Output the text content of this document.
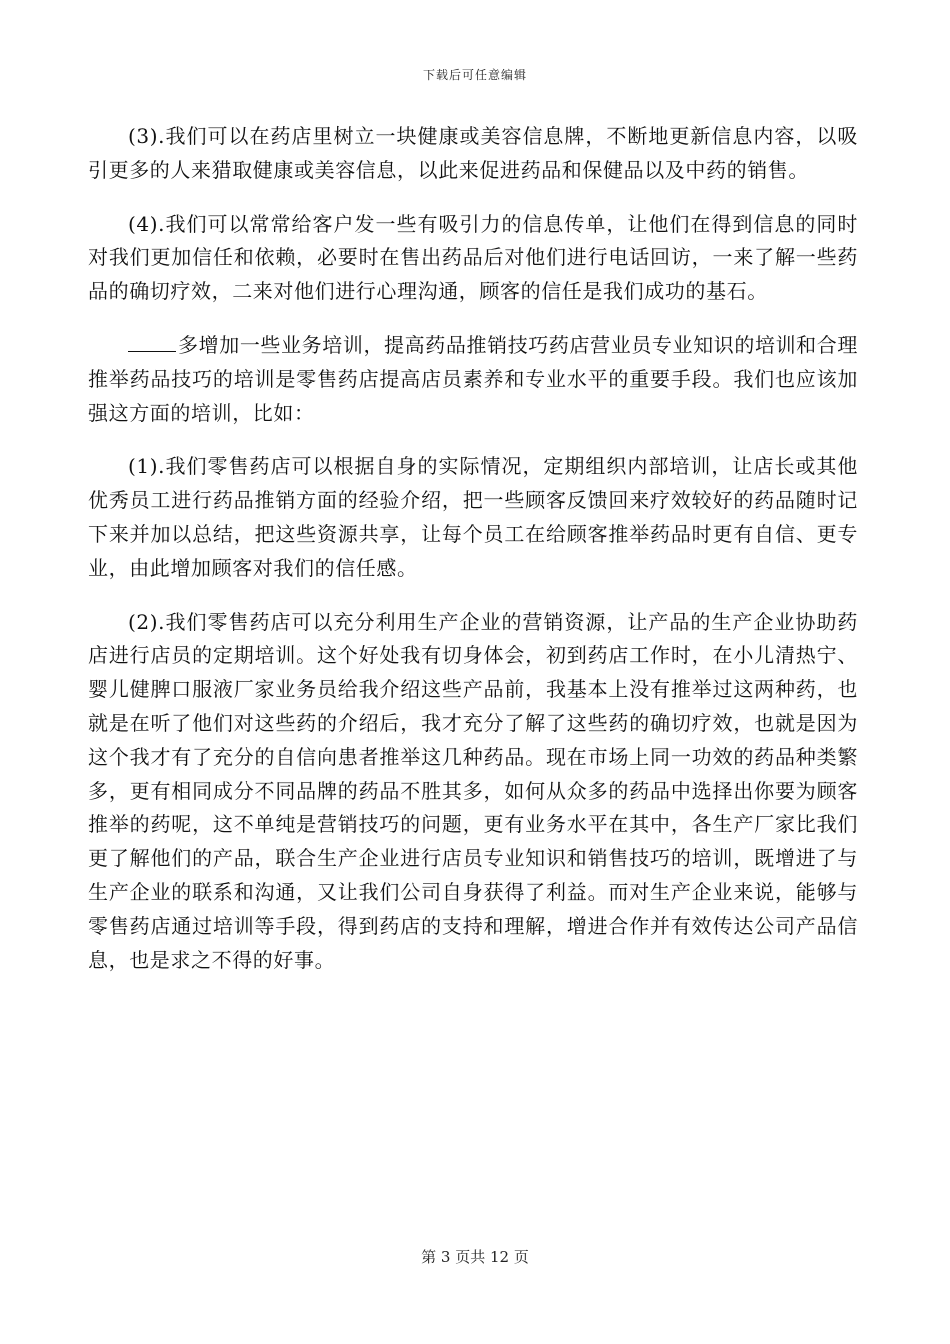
下载后可任意编辑

(3).我们可以在药店里树立一块健康或美容信息牌，不断地更新信息内容，以吸引更多的人来猎取健康或美容信息，以此来促进药品和保健品以及中药的销售。

(4).我们可以常常给客户发一些有吸引力的信息传单，让他们在得到信息的同时对我们更加信任和依赖，必要时在售出药品后对他们进行电话回访，一来了解一些药品的确切疗效，二来对他们进行心理沟通，顾客的信任是我们成功的基石。

多增加一些业务培训，提高药品推销技巧药店营业员专业知识的培训和合理推举药品技巧的培训是零售药店提高店员素养和专业水平的重要手段。我们也应该加强这方面的培训，比如：

(1).我们零售药店可以根据自身的实际情况，定期组织内部培训，让店长或其他优秀员工进行药品推销方面的经验介绍，把一些顾客反馈回来疗效较好的药品随时记下来并加以总结，把这些资源共享，让每个员工在给顾客推举药品时更有自信、更专业，由此增加顾客对我们的信任感。

(2).我们零售药店可以充分利用生产企业的营销资源，让产品的生产企业协助药店进行店员的定期培训。这个好处我有切身体会，初到药店工作时，在小儿清热宁、婴儿健脾口服液厂家业务员给我介绍这些产品前，我基本上没有推举过这两种药，也就是在听了他们对这些药的介绍后，我才充分了解了这些药的确切疗效，也就是因为这个我才有了充分的自信向患者推举这几种药品。现在市场上同一功效的药品种类繁多，更有相同成分不同品牌的药品不胜其多，如何从众多的药品中选择出你要为顾客推举的药呢，这不单纯是营销技巧的问题，更有业务水平在其中，各生产厂家比我们更了解他们的产品，联合生产企业进行店员专业知识和销售技巧的培训，既增进了与生产企业的联系和沟通，又让我们公司自身获得了利益。而对生产企业来说，能够与零售药店通过培训等手段，得到药店的支持和理解，增进合作并有效传达公司产品信息，也是求之不得的好事。

第 3 页共 12 页
